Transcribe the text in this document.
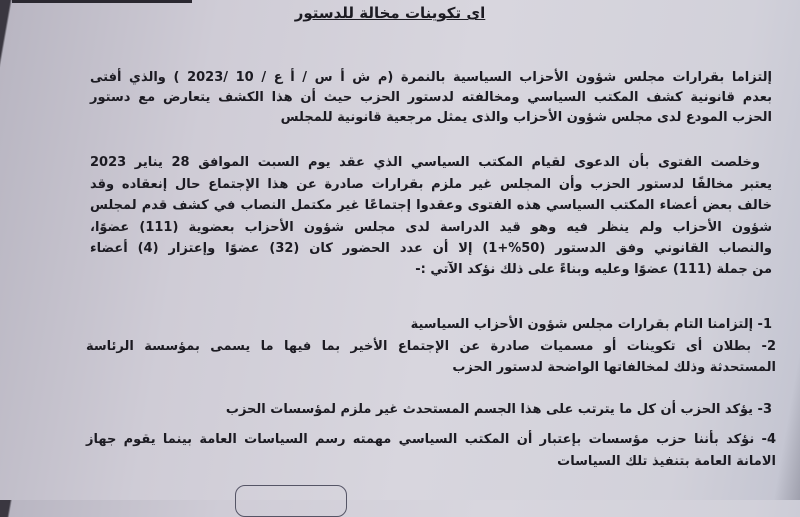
اى تكوينات مخالة للدستور
إلتزاما بقرارات مجلس شؤون الأحزاب السياسية بالنمرة (م ش أ س / أ ع / 10 /2023 ) والذي أفتى
بعدم قانونية كشف المكتب السياسي ومخالفته لدستور الحزب حيث أن هذا الكشف يتعارض مع دستور
الحزب المودع لدى مجلس شؤون الأحزاب والذى يمثل مرجعية قانونية للمجلس
وخلصت الفتوى بأن الدعوى لقيام المكتب السياسي الذي عقد يوم السبت الموافق 28 يناير 2023
يعتبر مخالفًا لدستور الحزب وأن المجلس غير ملزم بقرارات صادرة عن هذا الإجتماع حال إنعقاده وقد
خالف بعض أعضاء المكتب السياسي هذه الفتوى وعقدوا إجتماعًا غير مكتمل النصاب في كشف قدم لمجلس
شؤون الأحزاب ولم ينظر فيه وهو قيد الدراسة لدى مجلس شؤون الأحزاب بعضوية (111) عضوًا،
والنصاب القانوني وفق الدستور (50%+1) إلا أن عدد الحضور كان (32) عضوًا وإعتزار (4) أعضاء
من جملة (111) عضوًا وعليه وبناءً على ذلك نؤكد الآتي :-
1- إلتزامنا التام بقرارات مجلس شؤون الأحزاب السياسية
2- بطلان أى تكوينات أو مسميات صادرة عن الإجتماع الأخير بما فيها ما يسمى بمؤسسة الرئاسة
المستحدثة وذلك لمخالفاتها الواضحة لدستور الحزب
3- يؤكد الحزب أن كل ما يترتب على هذا الجسم المستحدث غير ملزم لمؤسسات الحزب
4- نؤكد بأننا حزب مؤسسات بإعتبار أن المكتب السياسي مهمته رسم السياسات العامة بينما يقوم جهاز
الامانة العامة بتنفيذ تلك السياسات
